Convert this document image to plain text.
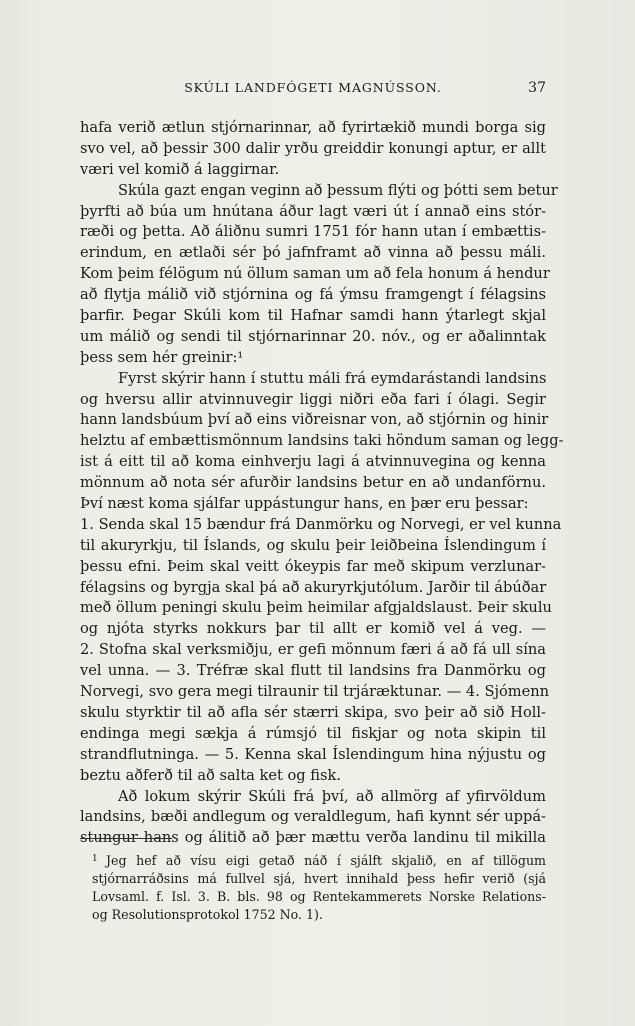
SKÚLI LANDFÓGETI MAGNÚSSON.	37
hafa verið ætlun stjórnarinnar, að fyrirtækið mundi borga sig
svo vel, að þessir 300 dalir yrðu greiddir konungi aptur, er allt
væri vel komið á laggirnar.
Skúla gazt engan veginn að þessum flýti og þótti sem betur
þyrfti að búa um hnútana áður lagt væri út í annað eins stór-
ræði og þetta. Að áliðnu sumri 1751 fór hann utan í embættis-
erindum, en ætlaði sér þó jafnframt að vinna að þessu máli.
Kom þeim félögum nú öllum saman um að fela honum á hendur
að flytja málið við stjórnina og fá ýmsu framgengt í félagsins
þarfir. Þegar Skúli kom til Hafnar samdi hann ýtarlegt skjal
um málið og sendi til stjórnarinnar 20. nóv., og er aðalinntak
þess sem hér greinir:¹
Fyrst skýrir hann í stuttu máli frá eymdarástandi landsins
og hversu allir atvinnuvegir liggi niðri eða fari í ólagi. Segir
hann landsbúum því að eins viðreisnar von, að stjórnin og hinir
helztu af embættismönnum landsins taki höndum saman og legg-
ist á eitt til að koma einhverju lagi á atvinnuvegina og kenna
mönnum að nota sér afurðir landsins betur en að undanförnu.
Því næst koma sjálfar uppástungur hans, en þær eru þessar:
1. Senda skal 15 bændur frá Danmörku og Norvegi, er vel kunna
til akuryrkju, til Íslands, og skulu þeir leiðbeina Íslendingum í
þessu efni. Þeim skal veitt ókeypis far með skipum verzlunar-
félagsins og byrgja skal þá að akuryrkjutólum. Jarðir til ábúðar
með öllum peningi skulu þeim heimilar afgjaldslaust. Þeir skulu
og njóta styrks nokkurs þar til allt er komið vel á veg. —
2. Stofna skal verksmiðju, er gefi mönnum færi á að fá ull sína
vel unna. — 3. Tréfræ skal flutt til landsins fra Danmörku og
Norvegi, svo gera megi tilraunir til trjáræktunar. — 4. Sjómenn
skulu styrktir til að afla sér stærri skipa, svo þeir að sið Holl-
endinga megi sækja á rúmsjó til fiskjar og nota skipin til
strandflutninga. — 5. Kenna skal Íslendingum hina nýjustu og
beztu aðferð til að salta ket og fisk.
Að lokum skýrir Skúli frá því, að allmörg af yfirvöldum
landsins, bæði andlegum og veraldlegum, hafi kynnt sér uppá-
stungur hans og álitið að þær mættu verða landinu til mikilla
1 Jeg hef að vísu eigi getað náð í sjálft skjalið, en af tillögum
stjórnarráðsins má fullvel sjá, hvert innihald þess hefir verið (sjá
Lovsaml. f. Isl. 3. B. bls. 98 og Rentekammerets Norske Relations-
og Resolutionsprotokol 1752 No. 1).
